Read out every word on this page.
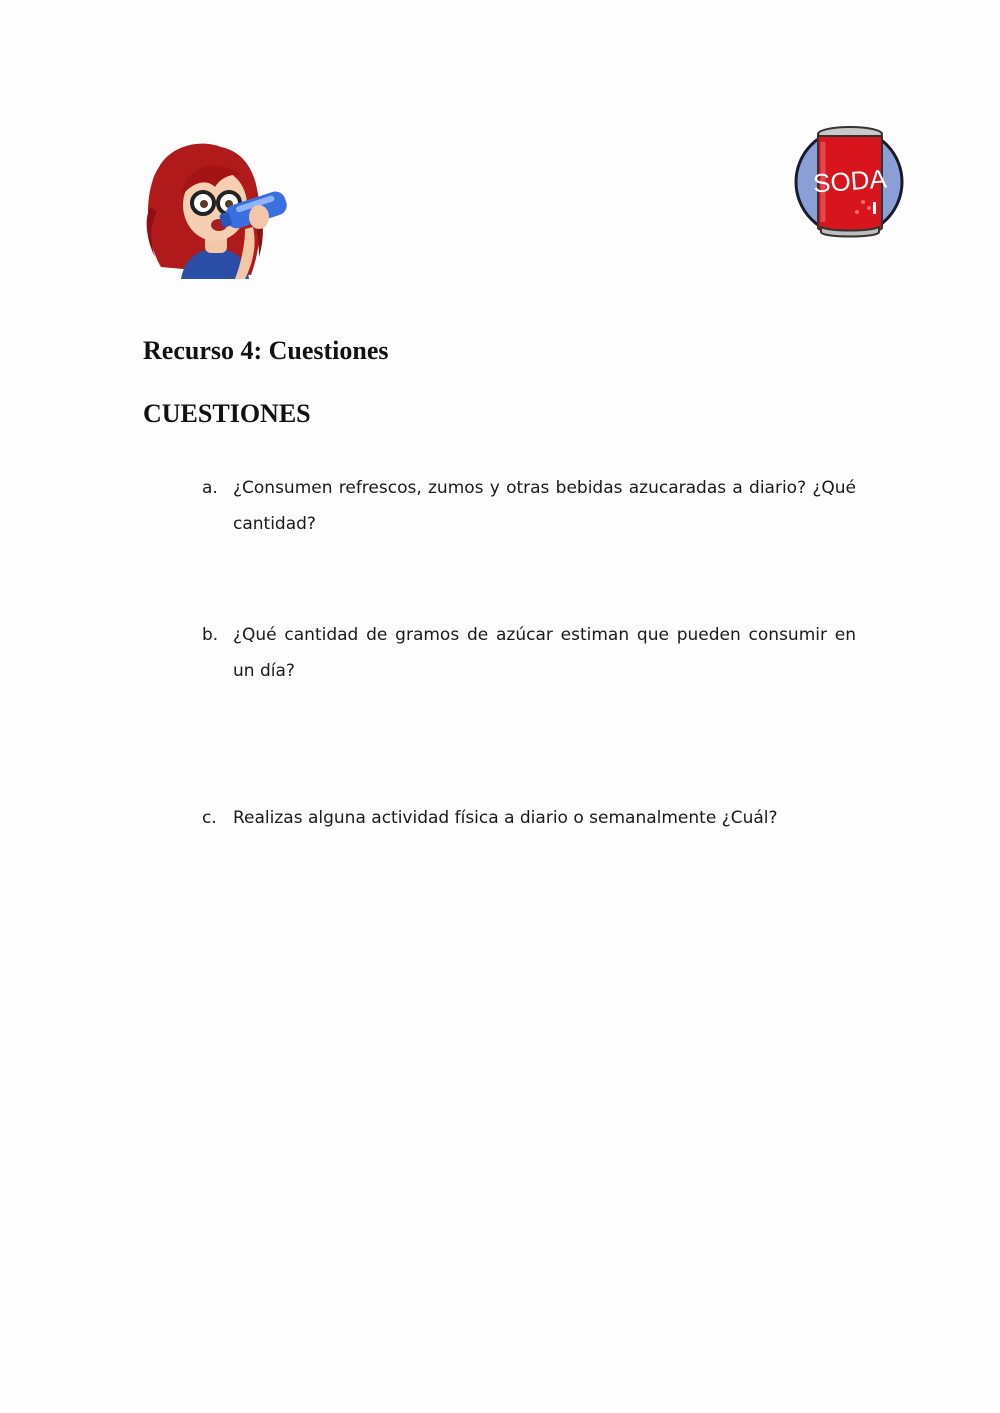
SODA
Recurso 4: Cuestiones
CUESTIONES
a. ¿Consumen refrescos, zumos y otras bebidas azucaradas a diario? ¿Qué cantidad?
b. ¿Qué cantidad de gramos de azúcar estiman que pueden consumir en un día?
c. Realizas alguna actividad física a diario o semanalmente ¿Cuál?
